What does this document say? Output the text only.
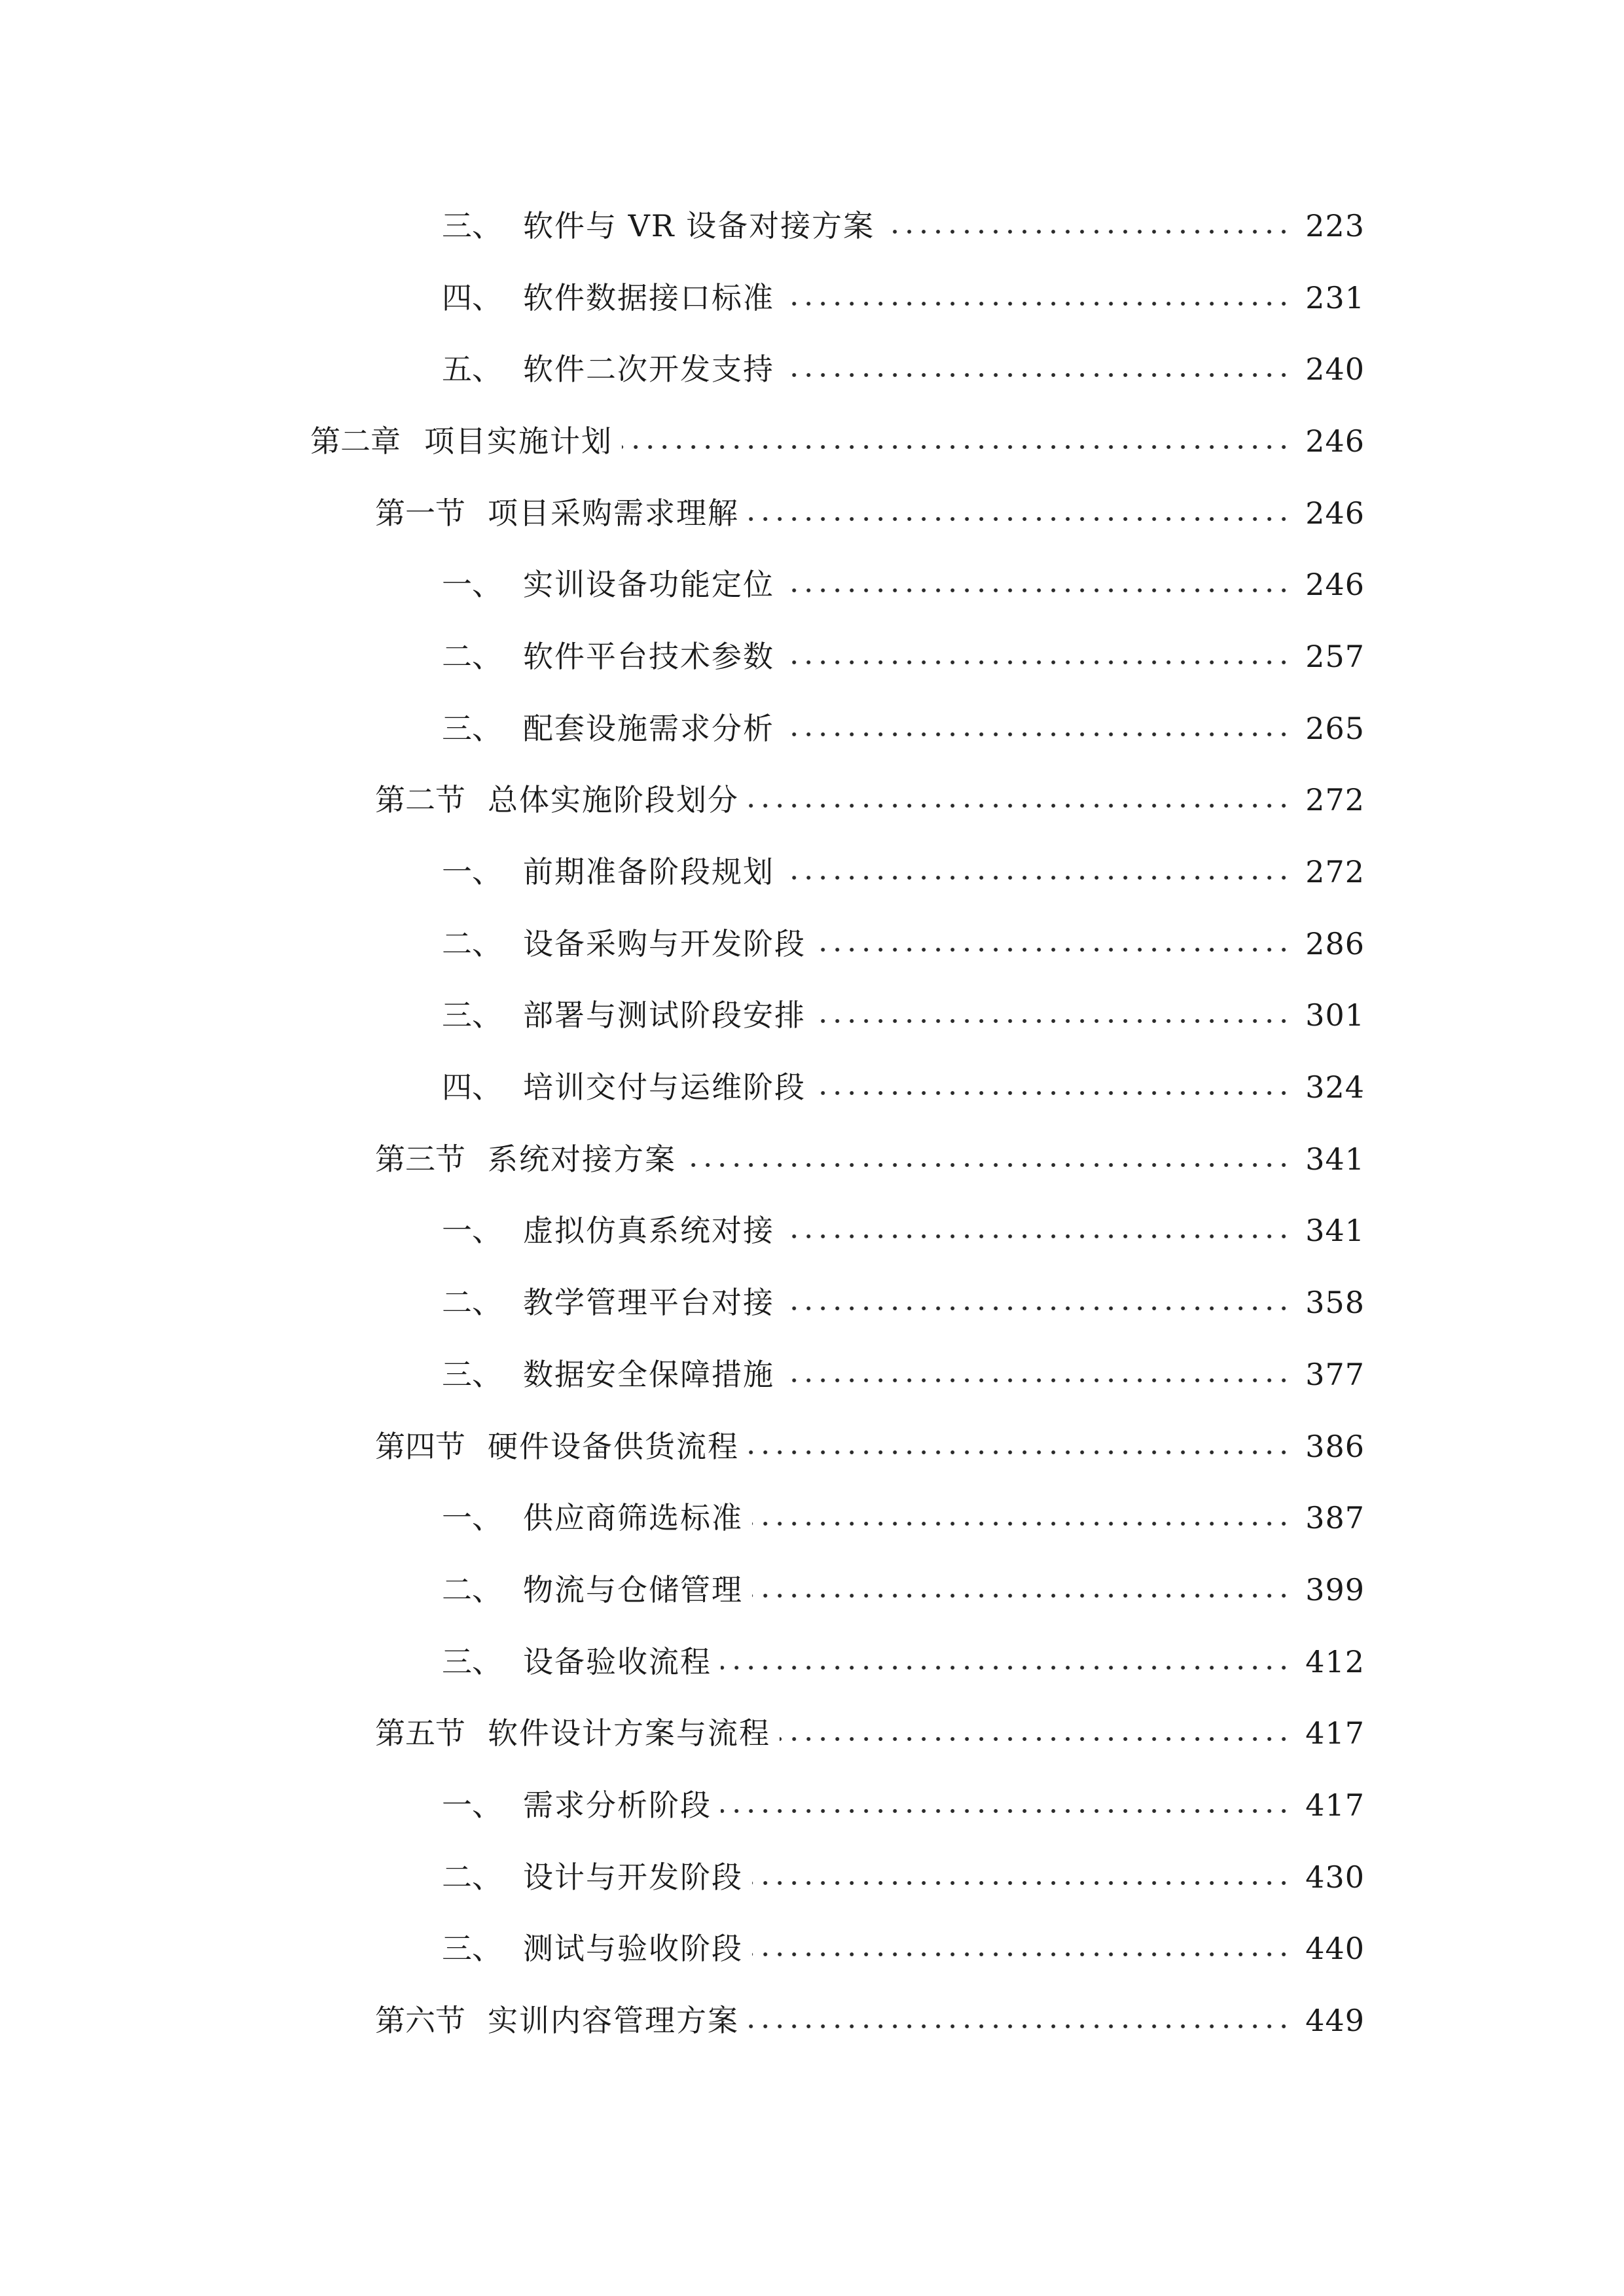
三、 软件与 VR 设备对接方案	223
四、 软件数据接口标准	231
五、 软件二次开发支持	240
第二章 项目实施计划	246
第一节 项目采购需求理解	246
一、 实训设备功能定位	246
二、 软件平台技术参数	257
三、 配套设施需求分析	265
第二节 总体实施阶段划分	272
一、 前期准备阶段规划	272
二、 设备采购与开发阶段	286
三、 部署与测试阶段安排	301
四、 培训交付与运维阶段	324
第三节 系统对接方案	341
一、 虚拟仿真系统对接	341
二、 教学管理平台对接	358
三、 数据安全保障措施	377
第四节 硬件设备供货流程	386
一、 供应商筛选标准	387
二、 物流与仓储管理	399
三、 设备验收流程	412
第五节 软件设计方案与流程	417
一、 需求分析阶段	417
二、 设计与开发阶段	430
三、 测试与验收阶段	440
第六节 实训内容管理方案	449
